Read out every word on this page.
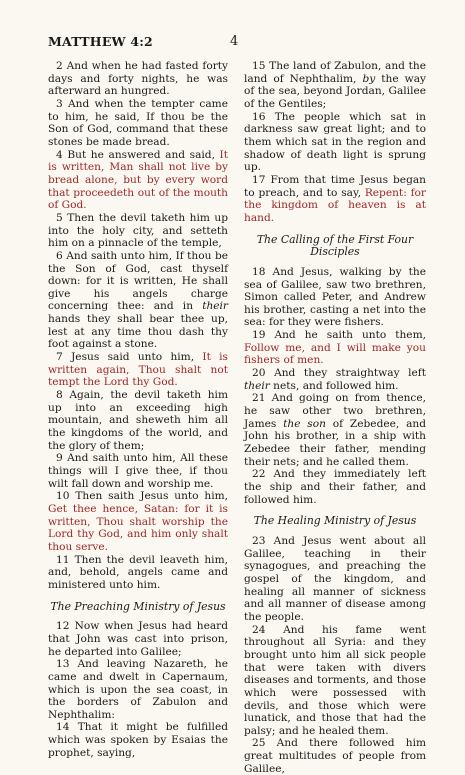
MATTHEW 4:2	4

2 And when he had fasted forty days and forty nights, he was afterward an hungred.

3 And when the tempter came to him, he said, If thou be the Son of God, command that these stones be made bread.

4 But he answered and said, It is written, Man shall not live by bread alone, but by every word that proceedeth out of the mouth of God.

5 Then the devil taketh him up into the holy city, and setteth him on a pinnacle of the temple,

6 And saith unto him, If thou be the Son of God, cast thyself down: for it is written, He shall give his angels charge concerning thee: and in their hands they shall bear thee up, lest at any time thou dash thy foot against a stone.

7 Jesus said unto him, It is written again, Thou shalt not tempt the Lord thy God.

8 Again, the devil taketh him up into an exceeding high mountain, and sheweth him all the kingdoms of the world, and the glory of them;

9 And saith unto him, All these things will I give thee, if thou wilt fall down and worship me.

10 Then saith Jesus unto him, Get thee hence, Satan: for it is written, Thou shalt worship the Lord thy God, and him only shalt thou serve.

11 Then the devil leaveth him, and, behold, angels came and ministered unto him.

The Preaching Ministry of Jesus

12 Now when Jesus had heard that John was cast into prison, he departed into Galilee;

13 And leaving Nazareth, he came and dwelt in Capernaum, which is upon the sea coast, in the borders of Zabulon and Nephthalim:

14 That it might be fulfilled which was spoken by Esaias the prophet, saying,

15 The land of Zabulon, and the land of Nephthalim, by the way of the sea, beyond Jordan, Galilee of the Gentiles;

16 The people which sat in darkness saw great light; and to them which sat in the region and shadow of death light is sprung up.

17 From that time Jesus began to preach, and to say, Repent: for the kingdom of heaven is at hand.

The Calling of the First Four Disciples

18 And Jesus, walking by the sea of Galilee, saw two brethren, Simon called Peter, and Andrew his brother, casting a net into the sea: for they were fishers.

19 And he saith unto them, Follow me, and I will make you fishers of men.

20 And they straightway left their nets, and followed him.

21 And going on from thence, he saw other two brethren, James the son of Zebedee, and John his brother, in a ship with Zebedee their father, mending their nets; and he called them.

22 And they immediately left the ship and their father, and followed him.

The Healing Ministry of Jesus

23 And Jesus went about all Galilee, teaching in their synagogues, and preaching the gospel of the kingdom, and healing all manner of sickness and all manner of disease among the people.

24 And his fame went throughout all Syria: and they brought unto him all sick people that were taken with divers diseases and torments, and those which were possessed with devils, and those which were lunatick, and those that had the palsy; and he healed them.

25 And there followed him great multitudes of people from Galilee,
